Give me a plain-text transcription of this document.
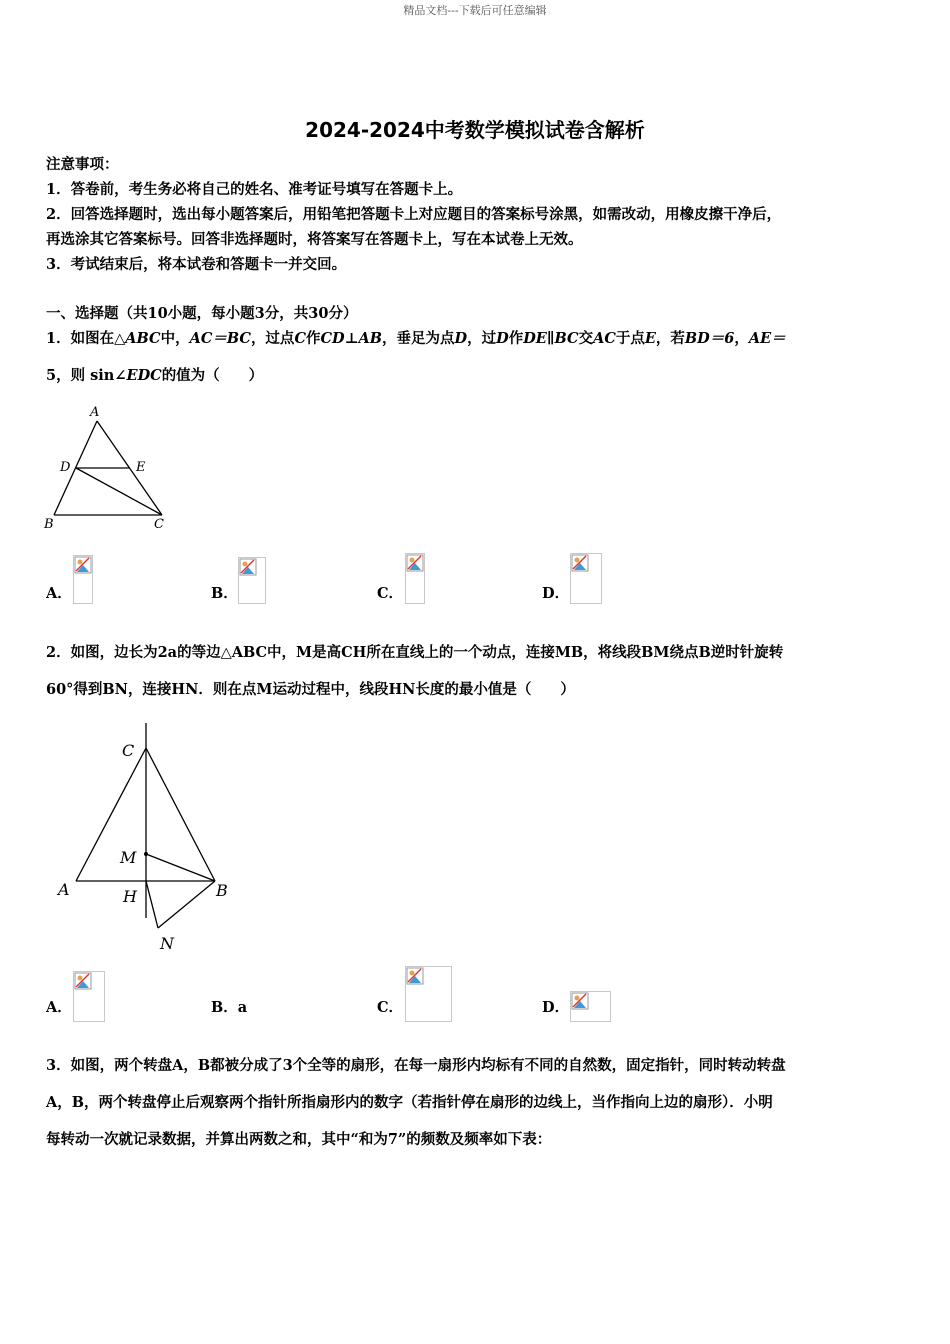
精品文档---下载后可任意编辑
2024-2024中考数学模拟试卷含解析
注意事项：
1．答卷前，考生务必将自己的姓名、准考证号填写在答题卡上。
2．回答选择题时，选出每小题答案后，用铅笔把答题卡上对应题目的答案标号涂黑，如需改动，用橡皮擦干净后，
再选涂其它答案标号。回答非选择题时，将答案写在答题卡上，写在本试卷上无效。
3．考试结束后，将本试卷和答题卡一并交回。
一、选择题（共10小题，每小题3分，共30分）
1．如图在△ABC中，AC＝BC，过点C作CD⊥AB，垂足为点D，过D作DE∥BC交AC于点E，若BD＝6，AE＝
5，则 sin∠EDC的值为（　　）
A
D	E
B	C
A．	B．	C．	D．
2．如图，边长为2a的等边△ABC中，M是高CH所在直线上的一个动点，连接MB，将线段BM绕点B逆时针旋转
60°得到BN，连接HN．则在点M运动过程中，线段HN长度的最小值是（　　）
C
M
A	H	B
N
A．	B．a	C．	D．
3．如图，两个转盘A，B都被分成了3个全等的扇形，在每一扇形内均标有不同的自然数，固定指针，同时转动转盘
A，B，两个转盘停止后观察两个指针所指扇形内的数字（若指针停在扇形的边线上，当作指向上边的扇形）．小明
每转动一次就记录数据，并算出两数之和，其中“和为7”的频数及频率如下表：
